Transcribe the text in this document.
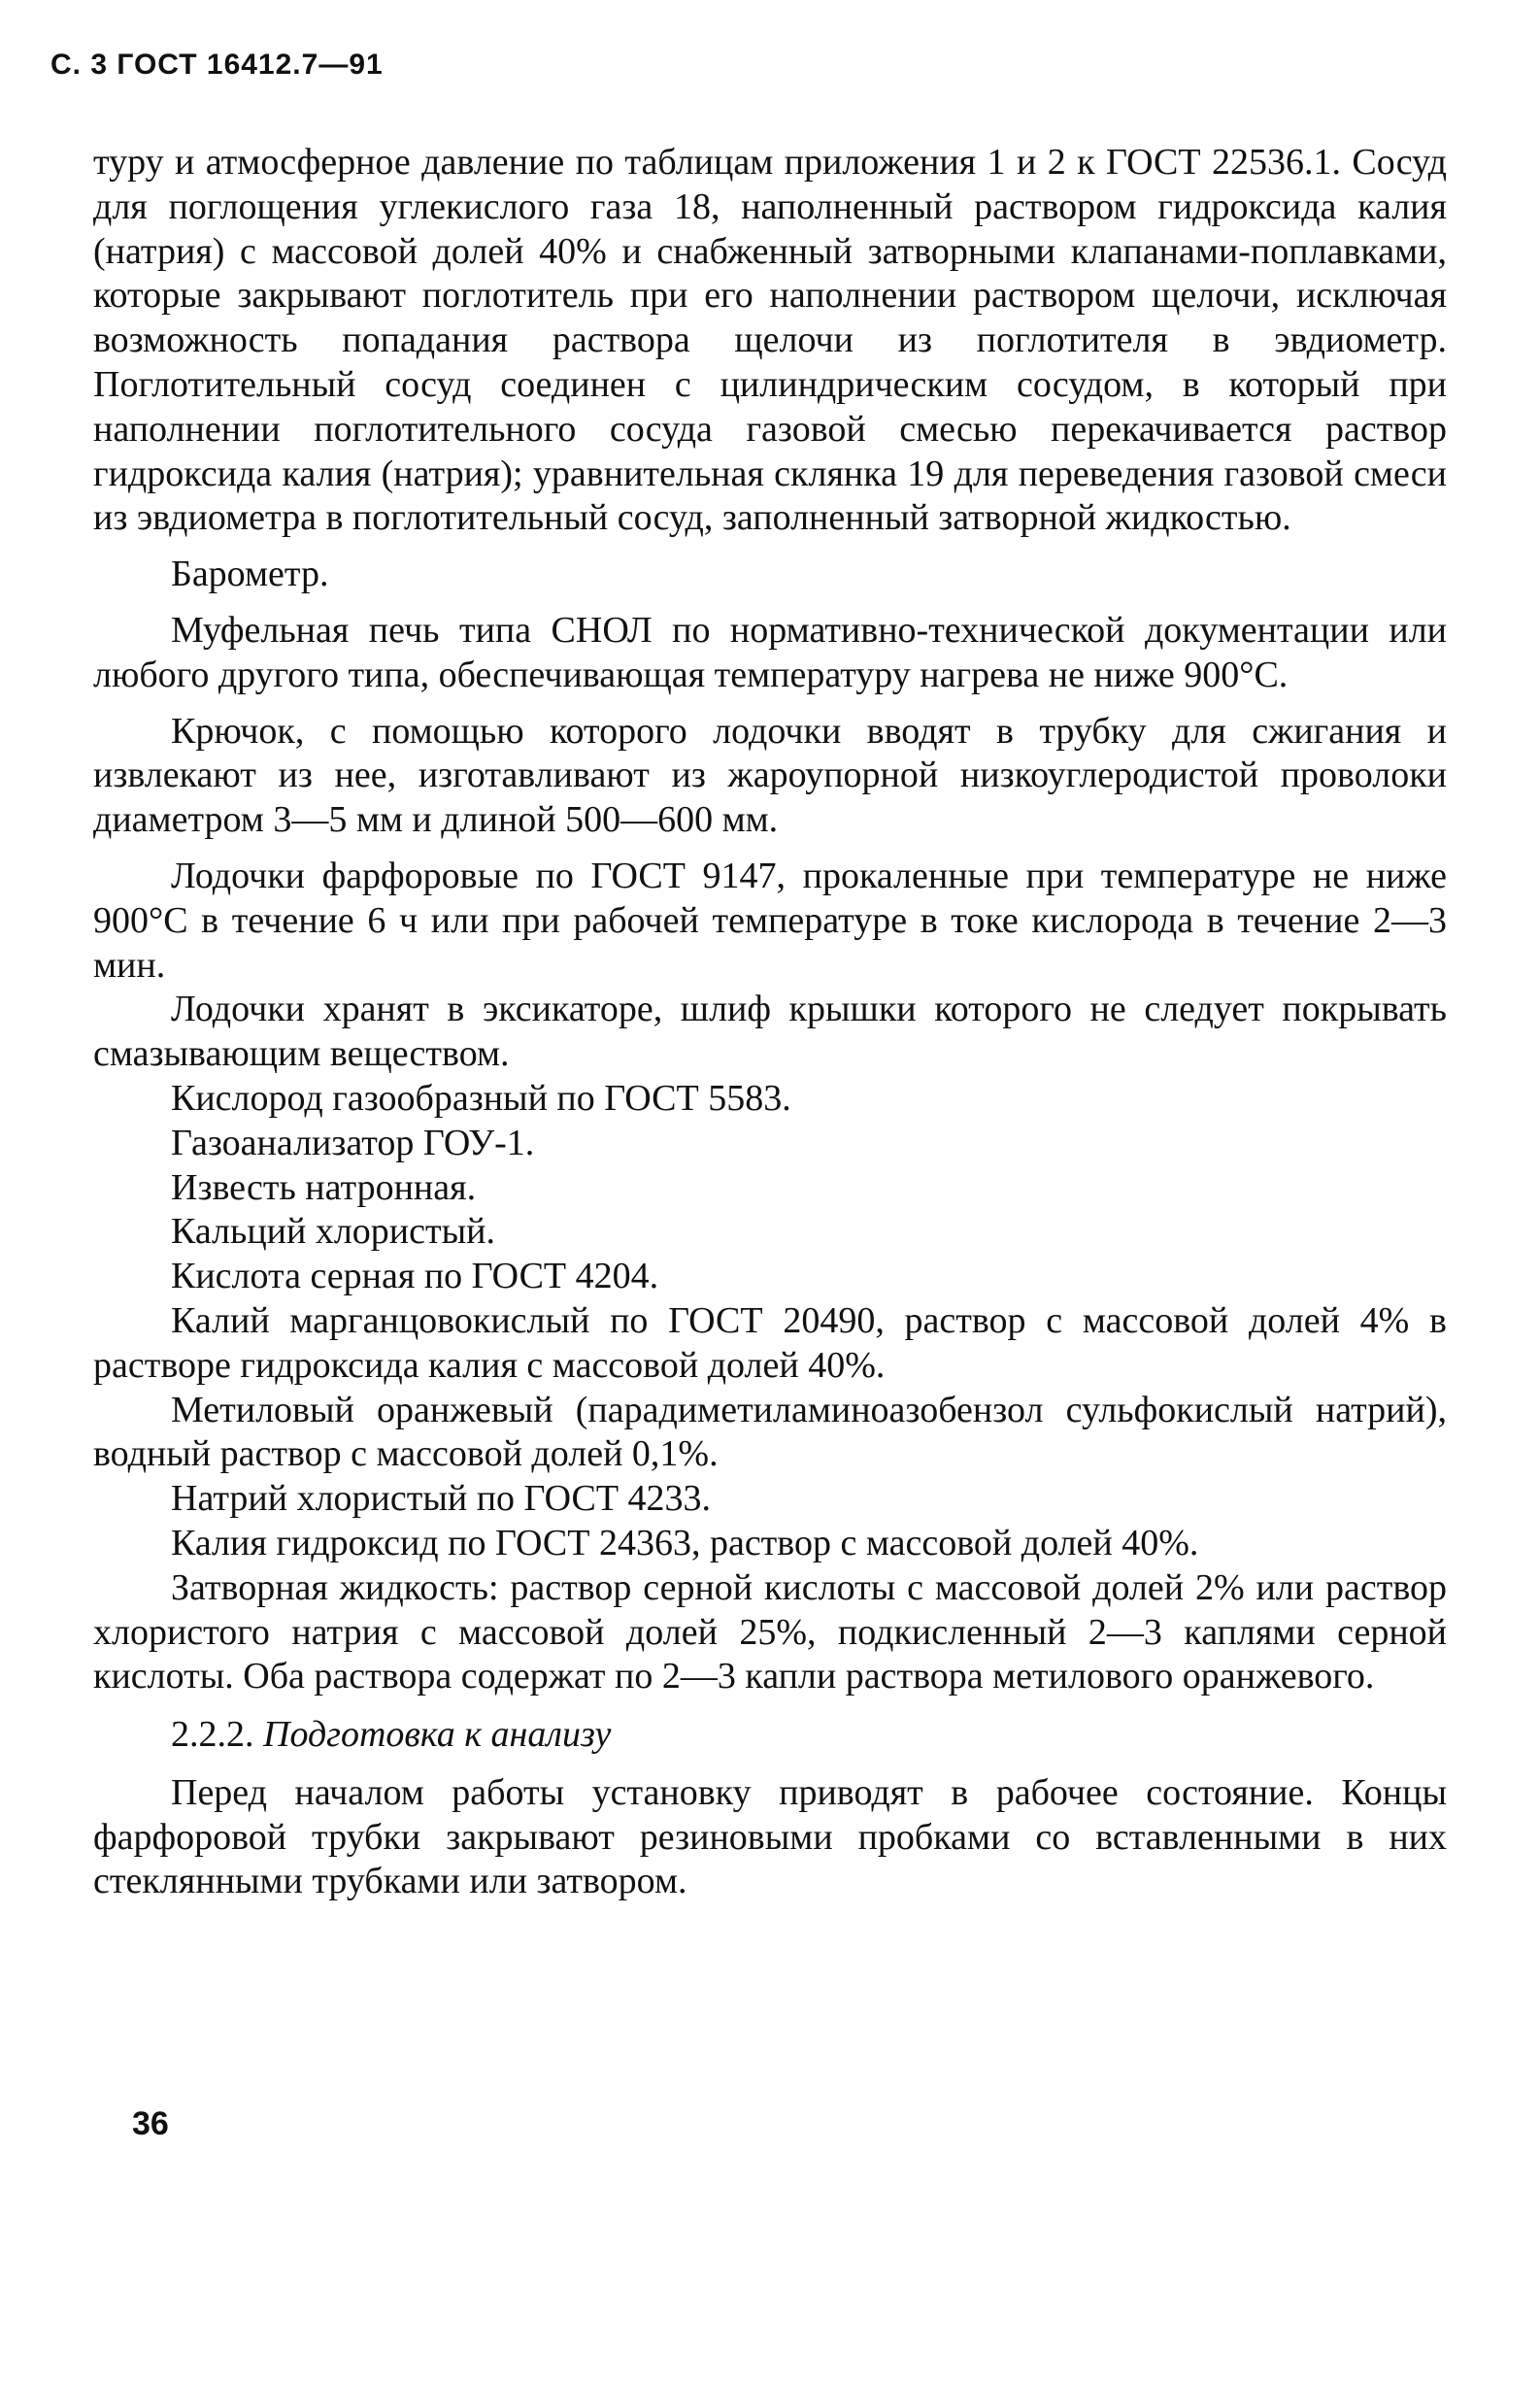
С. 3 ГОСТ 16412.7—91

туру и атмосферное давление по таблицам приложения 1 и 2 к ГОСТ 22536.1. Сосуд для поглощения углекислого газа 18, наполненный раствором гидроксида калия (натрия) с массовой долей 40% и снабженный затворными клапанами-поплавками, которые закрывают поглотитель при его наполнении раствором щелочи, исключая возможность попадания раствора щелочи из поглотителя в эвдиометр. Поглотительный сосуд соединен с цилиндрическим сосудом, в который при наполнении поглотительного сосуда газовой смесью перекачивается раствор гидроксида калия (натрия); уравнительная склянка 19 для переведения газовой смеси из эвдиометра в поглотительный сосуд, заполненный затворной жидкостью.

Барометр.

Муфельная печь типа СНОЛ по нормативно-технической документации или любого другого типа, обеспечивающая температуру нагрева не ниже 900°С.

Крючок, с помощью которого лодочки вводят в трубку для сжигания и извлекают из нее, изготавливают из жароупорной низкоуглеродистой проволоки диаметром 3—5 мм и длиной 500—600 мм.

Лодочки фарфоровые по ГОСТ 9147, прокаленные при температуре не ниже 900°С в течение 6 ч или при рабочей температуре в токе кислорода в течение 2—3 мин.

Лодочки хранят в эксикаторе, шлиф крышки которого не следует покрывать смазывающим веществом.

Кислород газообразный по ГОСТ 5583.

Газоанализатор ГОУ-1.

Известь натронная.

Кальций хлористый.

Кислота серная по ГОСТ 4204.

Калий марганцовокислый по ГОСТ 20490, раствор с массовой долей 4% в растворе гидроксида калия с массовой долей 40%.

Метиловый оранжевый (парадиметиламиноазобензол сульфокислый натрий), водный раствор с массовой долей 0,1%.

Натрий хлористый по ГОСТ 4233.

Калия гидроксид по ГОСТ 24363, раствор с массовой долей 40%.

Затворная жидкость: раствор серной кислоты с массовой долей 2% или раствор хлористого натрия с массовой долей 25%, подкисленный 2—3 каплями серной кислоты. Оба раствора содержат по 2—3 капли раствора метилового оранжевого.

2.2.2. Подготовка к анализу

Перед началом работы установку приводят в рабочее состояние. Концы фарфоровой трубки закрывают резиновыми пробками со вставленными в них стеклянными трубками или затвором.

36
